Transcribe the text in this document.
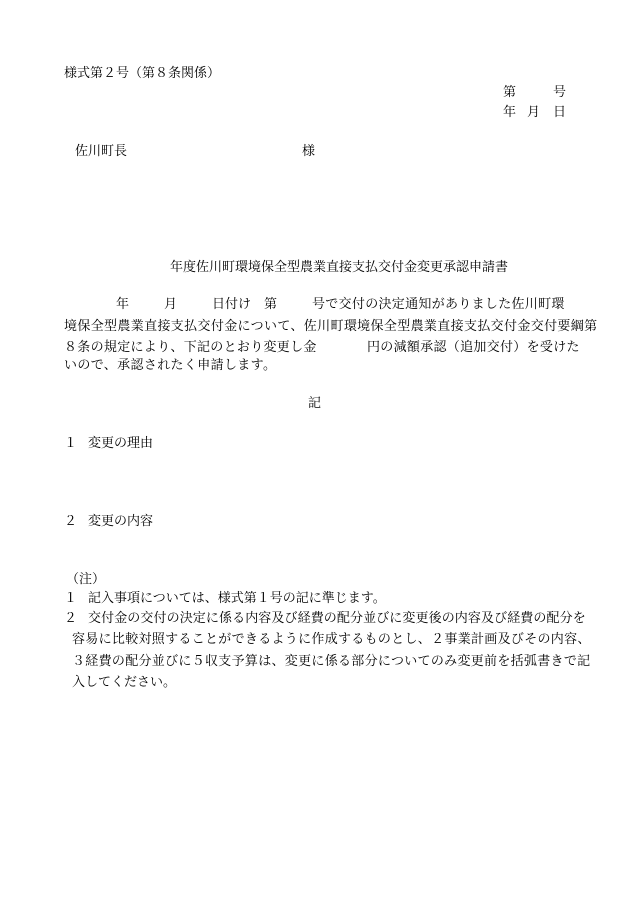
様式第２号（第８条関係）
第	号
年 月 日
佐川町長	様
年度佐川町環境保全型農業直接支払交付金変更承認申請書
年	月	日付け 第	号で交付の決定通知がありました佐川町環
境保全型農業直接支払交付金について、佐川町環境保全型農業直接支払交付金交付要綱第
８条の規定により、下記のとおり変更し金	円の減額承認（追加交付）を受けた
いので、承認されたく申請します。
記
１ 変更の理由
２ 変更の内容
（注）
１ 記入事項については、様式第１号の記に準じます。
２ 交付金の交付の決定に係る内容及び経費の配分並びに変更後の内容及び経費の配分を
容易に比較対照することができるように作成するものとし、２事業計画及びその内容、
３経費の配分並びに５収支予算は、変更に係る部分についてのみ変更前を括弧書きで記
入してください。
